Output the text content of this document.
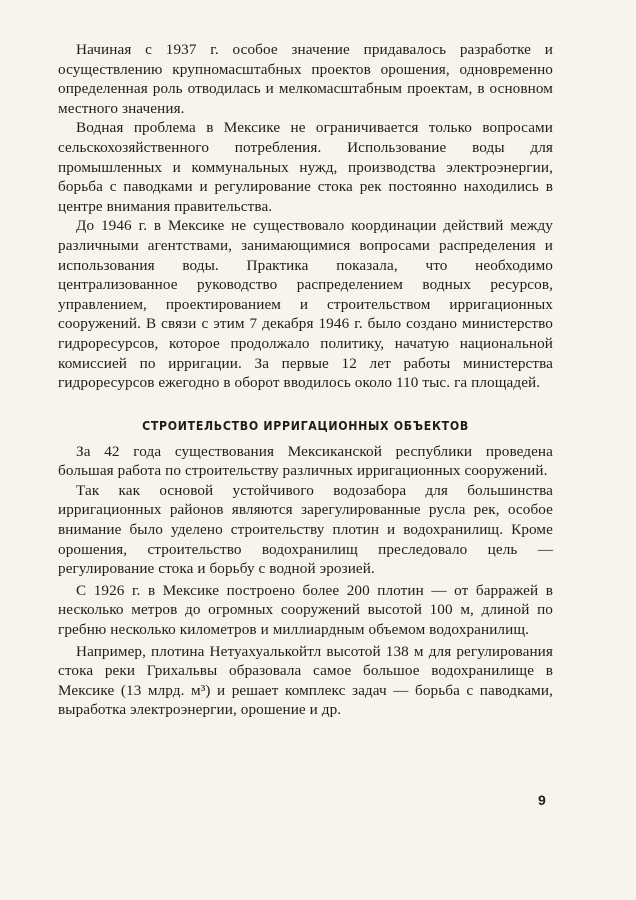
Начиная с 1937 г. особое значение придавалось разработке и осуществлению крупномасштабных проектов орошения, одновременно определенная роль отводилась и мелкомасштабным проектам, в основном местного значения.

Водная проблема в Мексике не ограничивается только вопросами сельскохозяйственного потребления. Использование воды для промышленных и коммунальных нужд, производства электроэнергии, борьба с паводками и регулирование стока рек постоянно находились в центре внимания правительства.

До 1946 г. в Мексике не существовало координации действий между различными агентствами, занимающимися вопросами распределения и использования воды. Практика показала, что необходимо централизованное руководство распределением водных ресурсов, управлением, проектированием и строительством ирригационных сооружений. В связи с этим 7 декабря 1946 г. было создано министерство гидроресурсов, которое продолжало политику, начатую национальной комиссией по ирригации. За первые 12 лет работы министерства гидроресурсов ежегодно в оборот вводилось около 110 тыс. га площадей.

СТРОИТЕЛЬСТВО ИРРИГАЦИОННЫХ ОБЪЕКТОВ

За 42 года существования Мексиканской республики проведена большая работа по строительству различных ирригационных сооружений.

Так как основой устойчивого водозабора для большинства ирригационных районов являются зарегулированные русла рек, особое внимание было уделено строительству плотин и водохранилищ. Кроме орошения, строительство водохранилищ преследовало цель — регулирование стока и борьбу с водной эрозией.

С 1926 г. в Мексике построено более 200 плотин — от барражей в несколько метров до огромных сооружений высотой 100 м, длиной по гребню несколько километров и миллиардным объемом водохранилищ.

Например, плотина Нетуахуалькойтл высотой 138 м для регулирования стока реки Грихальвы образовала самое большое водохранилище в Мексике (13 млрд. м³) и решает комплекс задач — борьба с паводками, выработка электроэнергии, орошение и др.

9
